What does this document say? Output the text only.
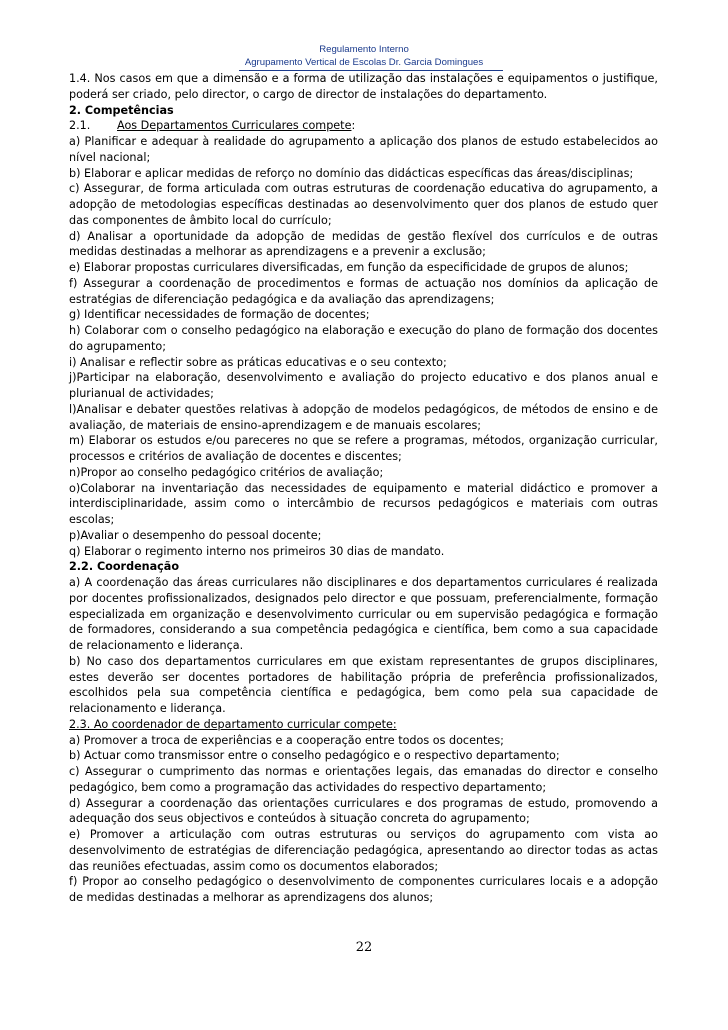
Regulamento Interno
Agrupamento Vertical de Escolas Dr. Garcia Domingues

1.4. Nos casos em que a dimensão e a forma de utilização das instalações e equipamentos o justifique, poderá ser criado, pelo director, o cargo de director de instalações do departamento.

2. Competências

2.1. Aos Departamentos Curriculares compete:

a) Planificar e adequar à realidade do agrupamento a aplicação dos planos de estudo estabelecidos ao nível nacional;

b) Elaborar e aplicar medidas de reforço no domínio das didácticas específicas das áreas/disciplinas;

c) Assegurar, de forma articulada com outras estruturas de coordenação educativa do agrupamento, a adopção de metodologias específicas destinadas ao desenvolvimento quer dos planos de estudo quer das componentes de âmbito local do currículo;

d) Analisar a oportunidade da adopção de medidas de gestão flexível dos currículos e de outras medidas destinadas a melhorar as aprendizagens e a prevenir a exclusão;

e) Elaborar propostas curriculares diversificadas, em função da especificidade de grupos de alunos;

f) Assegurar a coordenação de procedimentos e formas de actuação nos domínios da aplicação de estratégias de diferenciação pedagógica e da avaliação das aprendizagens;

g) Identificar necessidades de formação de docentes;

h) Colaborar com o conselho pedagógico na elaboração e execução do plano de formação dos docentes do agrupamento;

i) Analisar e reflectir sobre as práticas educativas e o seu contexto;

j)Participar na elaboração, desenvolvimento e avaliação do projecto educativo e dos planos anual e plurianual de actividades;

l)Analisar e debater questões relativas à adopção de modelos pedagógicos, de métodos de ensino e de avaliação, de materiais de ensino-aprendizagem e de manuais escolares;

m) Elaborar os estudos e/ou pareceres no que se refere a programas, métodos, organização curricular, processos e critérios de avaliação de docentes e discentes;

n)Propor ao conselho pedagógico critérios de avaliação;

o)Colaborar na inventariação das necessidades de equipamento e material didáctico e promover a interdisciplinaridade, assim como o intercâmbio de recursos pedagógicos e materiais com outras escolas;

p)Avaliar o desempenho do pessoal docente;

q) Elaborar o regimento interno nos primeiros 30 dias de mandato.

2.2. Coordenação

a) A coordenação das áreas curriculares não disciplinares e dos departamentos curriculares é realizada por docentes profissionalizados, designados pelo director e que possuam, preferencialmente, formação especializada em organização e desenvolvimento curricular ou em supervisão pedagógica e formação de formadores, considerando a sua competência pedagógica e científica, bem como a sua capacidade de relacionamento e liderança.

b) No caso dos departamentos curriculares em que existam representantes de grupos disciplinares, estes deverão ser docentes portadores de habilitação própria de preferência profissionalizados, escolhidos pela sua competência científica e pedagógica, bem como pela sua capacidade de relacionamento e liderança.

2.3. Ao coordenador de departamento curricular compete:

a) Promover a troca de experiências e a cooperação entre todos os docentes;

b) Actuar como transmissor entre o conselho pedagógico e o respectivo departamento;

c) Assegurar o cumprimento das normas e orientações legais, das emanadas do director e conselho pedagógico, bem como a programação das actividades do respectivo departamento;

d) Assegurar a coordenação das orientações curriculares e dos programas de estudo, promovendo a adequação dos seus objectivos e conteúdos à situação concreta do agrupamento;

e) Promover a articulação com outras estruturas ou serviços do agrupamento com vista ao desenvolvimento de estratégias de diferenciação pedagógica, apresentando ao director todas as actas das reuniões efectuadas, assim como os documentos elaborados;

f) Propor ao conselho pedagógico o desenvolvimento de componentes curriculares locais e a adopção de medidas destinadas a melhorar as aprendizagens dos alunos;

22
